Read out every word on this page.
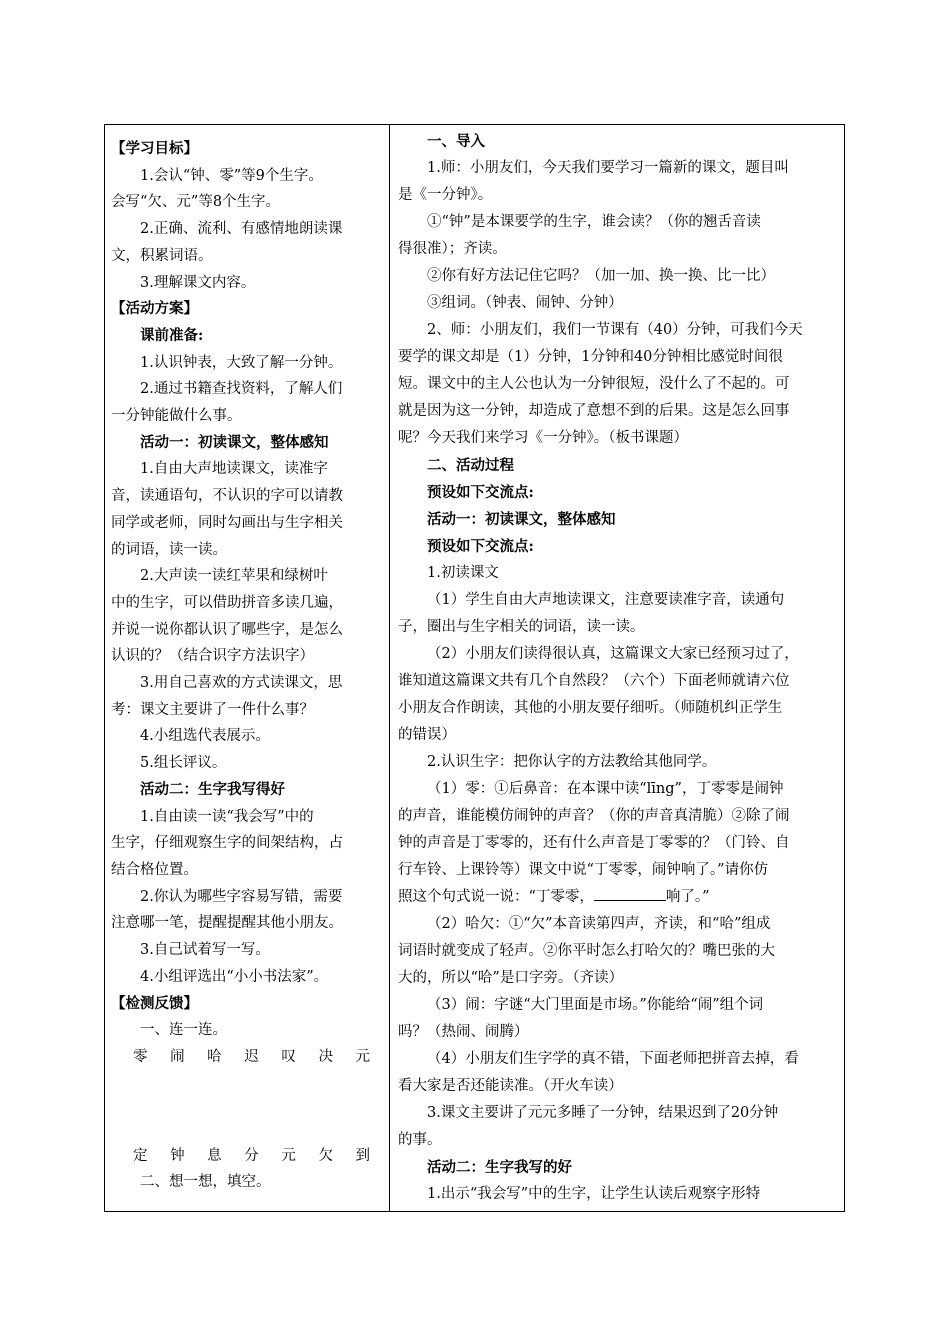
【学习目标】
1.会认“钟、零”等9个生字。
会写“欠、元”等8个生字。
2.正确、流利、有感情地朗读课
文，积累词语。
3.理解课文内容。
【活动方案】
课前准备:
1.认识钟表，大致了解一分钟。
2.通过书籍查找资料，了解人们
一分钟能做什么事。
活动一：初读课文，整体感知
1.自由大声地读课文，读准字
音，读通语句，不认识的字可以请教
同学或老师，同时勾画出与生字相关
的词语，读一读。
2.大声读一读红苹果和绿树叶
中的生字，可以借助拼音多读几遍，
并说一说你都认识了哪些字，是怎么
认识的？（结合识字方法识字）
3.用自己喜欢的方式读课文，思
考：课文主要讲了一件什么事？
4.小组选代表展示。
5.组长评议。
活动二：生字我写得好
1.自由读一读“我会写”中的
生字，仔细观察生字的间架结构，占
结合格位置。
2.你认为哪些字容易写错，需要
注意哪一笔，提醒提醒其他小朋友。
3.自己试着写一写。
4.小组评选出“小小书法家”。
【检测反馈】
一、连一连。
零 闹 哈 迟 叹 决 元
定 钟 息 分 元 欠 到
二、想一想，填空。
一、导入
1.师：小朋友们，今天我们要学习一篇新的课文，题目叫
是《一分钟》。
①“钟”是本课要学的生字，谁会读？（你的翘舌音读
得很准）；齐读。
②你有好方法记住它吗？（加一加、换一换、比一比）
③组词。（钟表、闹钟、分钟）
2、师：小朋友们，我们一节课有（40）分钟，可我们今天
要学的课文却是（1）分钟，1分钟和40分钟相比感觉时间很
短。课文中的主人公也认为一分钟很短，没什么了不起的。可
就是因为这一分钟，却造成了意想不到的后果。这是怎么回事
呢？今天我们来学习《一分钟》。（板书课题）
二、活动过程
预设如下交流点:
活动一：初读课文，整体感知
预设如下交流点:
1.初读课文
（1）学生自由大声地读课文，注意要读准字音，读通句
子，圈出与生字相关的词语，读一读。
（2）小朋友们读得很认真，这篇课文大家已经预习过了，
谁知道这篇课文共有几个自然段？（六个）下面老师就请六位
小朋友合作朗读，其他的小朋友要仔细听。（师随机纠正学生
的错误）
2.认识生字：把你认字的方法教给其他同学。
（1）零：①后鼻音：在本课中读“līng”，丁零零是闹钟
的声音，谁能模仿闹钟的声音？（你的声音真清脆）②除了闹
钟的声音是丁零零的，还有什么声音是丁零零的？（门铃、自
行车铃、上课铃等）课文中说“丁零零，闹钟响了。”请你仿
照这个句式说一说：“丁零零，	响了。”
（2）哈欠：①“欠”本音读第四声，齐读，和“哈”组成
词语时就变成了轻声。②你平时怎么打哈欠的？嘴巴张的大
大的，所以“哈”是口字旁。（齐读）
（3）闹：字谜“大门里面是市场。”你能给“闹”组个词
吗？（热闹、闹腾）
（4）小朋友们生字学的真不错，下面老师把拼音去掉，看
看大家是否还能读准。（开火车读）
3.课文主要讲了元元多睡了一分钟，结果迟到了20分钟
的事。
活动二：生字我写的好
1.出示“我会写”中的生字，让学生认读后观察字形特
